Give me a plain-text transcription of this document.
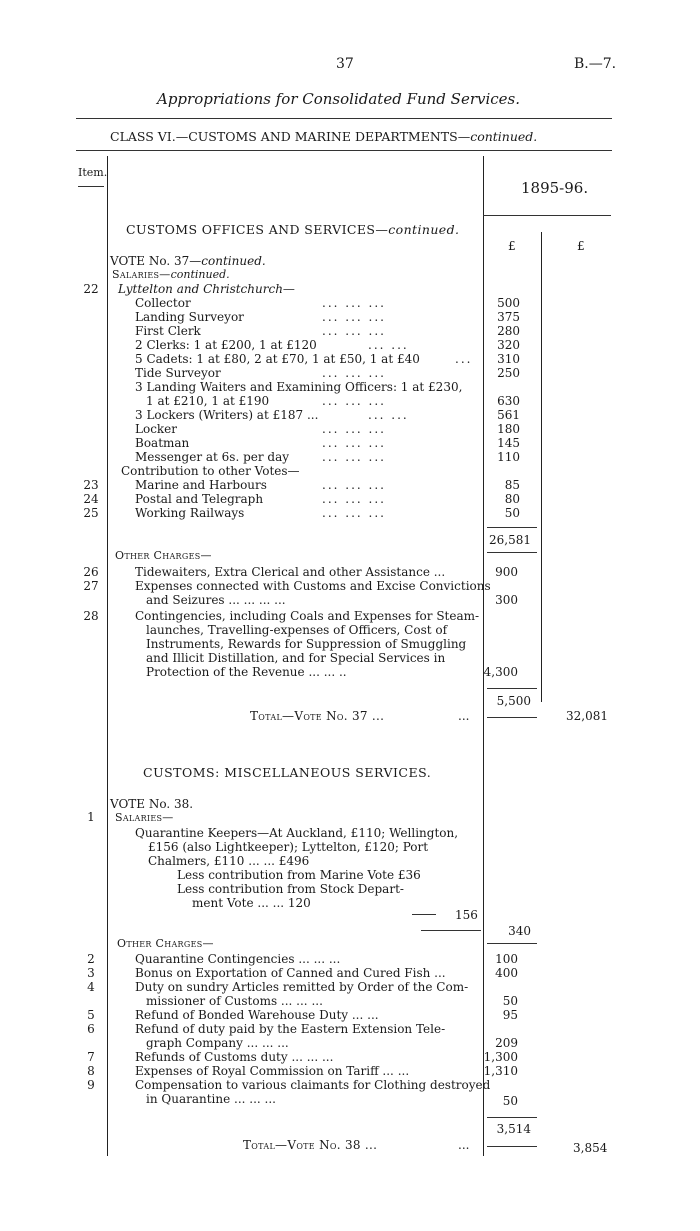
37	B.—7.
Appropriations for Consolidated Fund Services.
CLASS VI.—CUSTOMS AND MARINE DEPARTMENTS—continued.
Item.
1895-96.
CUSTOMS OFFICES AND SERVICES—continued.
£	£
VOTE No. 37—continued.
Salaries—continued.
22	Lyttelton and Christchurch—
Collector	... ... ...	500
Landing Surveyor	... ... ...	375
First Clerk	... ... ...	280
2 Clerks: 1 at £200, 1 at £120	... ...	320
5 Cadets: 1 at £80, 2 at £70, 1 at £50, 1 at £40	...	310
Tide Surveyor	... ... ...	250
3 Landing Waiters and Examining Officers: 1 at £230,
1 at £210, 1 at £190	... ... ...	630
3 Lockers (Writers) at £187 ...	... ...	561
Locker	... ... ...	180
Boatman	... ... ...	145
Messenger at 6s. per day	... ... ...	110
Contribution to other Votes—
23	Marine and Harbours	... ... ...	85
24	Postal and Telegraph	... ... ...	80
25	Working Railways	... ... ...	50
26,581
Other Charges—
26	Tidewaiters, Extra Clerical and other Assistance ...	900
27	Expenses connected with Customs and Excise Convictions
and Seizures ... ... ... ...	300
28	Contingencies, including Coals and Expenses for Steam-
launches, Travelling-expenses of Officers, Cost of
Instruments, Rewards for Suppression of Smuggling
and Illicit Distillation, and for Special Services in
Protection of the Revenue ... ... ..	4,300
5,500
Total—Vote No. 37 ...	...	32,081
CUSTOMS: MISCELLANEOUS SERVICES.
VOTE No. 38.
Salaries—
1
Quarantine Keepers—At Auckland, £110; Wellington,
£156 (also Lightkeeper); Lyttelton, £120; Port
Chalmers, £110 ... ... £496
Less contribution from Marine Vote £36
Less contribution from Stock Depart-
ment Vote ... ... 120
156
340
Other Charges—
2	Quarantine Contingencies ... ... ...	100
3	Bonus on Exportation of Canned and Cured Fish ...	400
4	Duty on sundry Articles remitted by Order of the Com-
missioner of Customs ... ... ...	50
5	Refund of Bonded Warehouse Duty ... ...	95
6	Refund of duty paid by the Eastern Extension Tele-
graph Company ... ... ...	209
7	Refunds of Customs duty ... ... ...	1,300
8	Expenses of Royal Commission on Tariff ... ...	1,310
9	Compensation to various claimants for Clothing destroyed
in Quarantine ... ... ...	50
3,514
Total—Vote No. 38 ...	...	3,854
